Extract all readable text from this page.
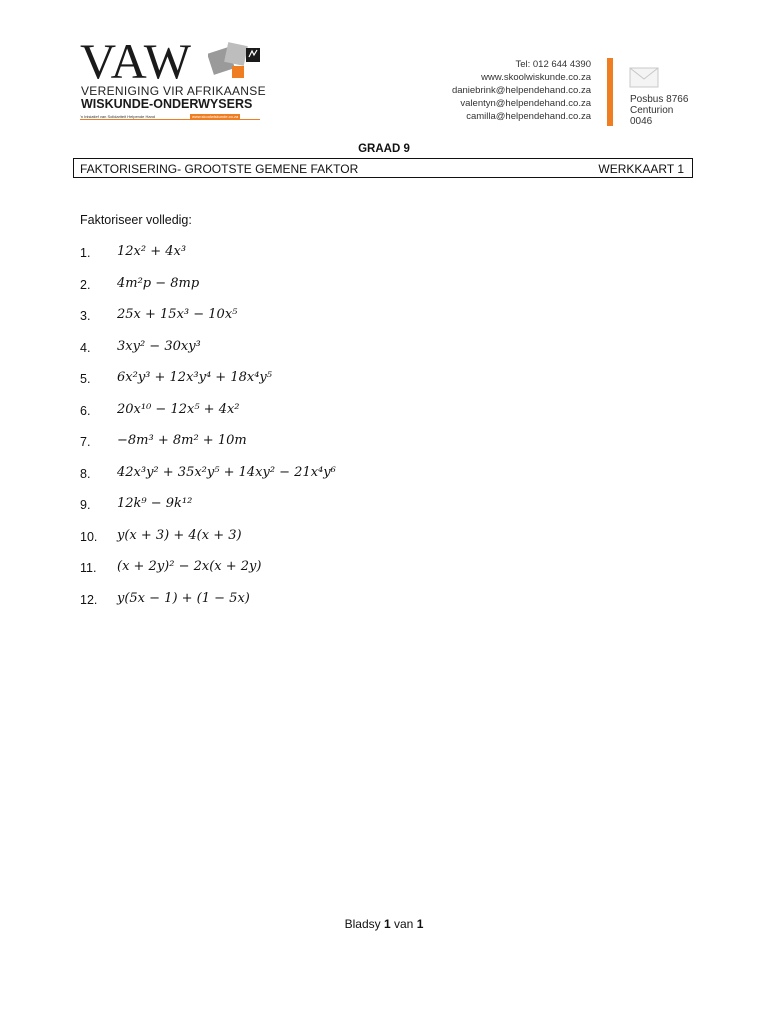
VAW
VERENIGING VIR AFRIKAANSE
WISKUNDE-ONDERWYSERS
'n Inisiatief van Solidariteit Helpende Hand	www.skoolwiskunde.co.za
Tel: 012 644 4390
www.skoolwiskunde.co.za
daniebrink@helpendehand.co.za
valentyn@helpendehand.co.za
camilla@helpendehand.co.za
Posbus 8766
Centurion
0046
GRAAD 9
FAKTORISERING- GROOTSTE GEMENE FAKTOR	WERKKAART 1
Faktoriseer volledig:
1. 12x² + 4x³
2. 4m²p − 8mp
3. 25x + 15x³ − 10x⁵
4. 3xy² − 30xy³
5. 6x²y³ + 12x³y⁴ + 18x⁴y⁵
6. 20x¹⁰ − 12x⁵ + 4x²
7. −8m³ + 8m² + 10m
8. 42x³y² + 35x²y⁵ + 14xy² − 21x⁴y⁶
9. 12k⁹ − 9k¹²
10. y(x + 3) + 4(x + 3)
11. (x + 2y)² − 2x(x + 2y)
12. y(5x − 1) + (1 − 5x)
Bladsy 1 van 1
